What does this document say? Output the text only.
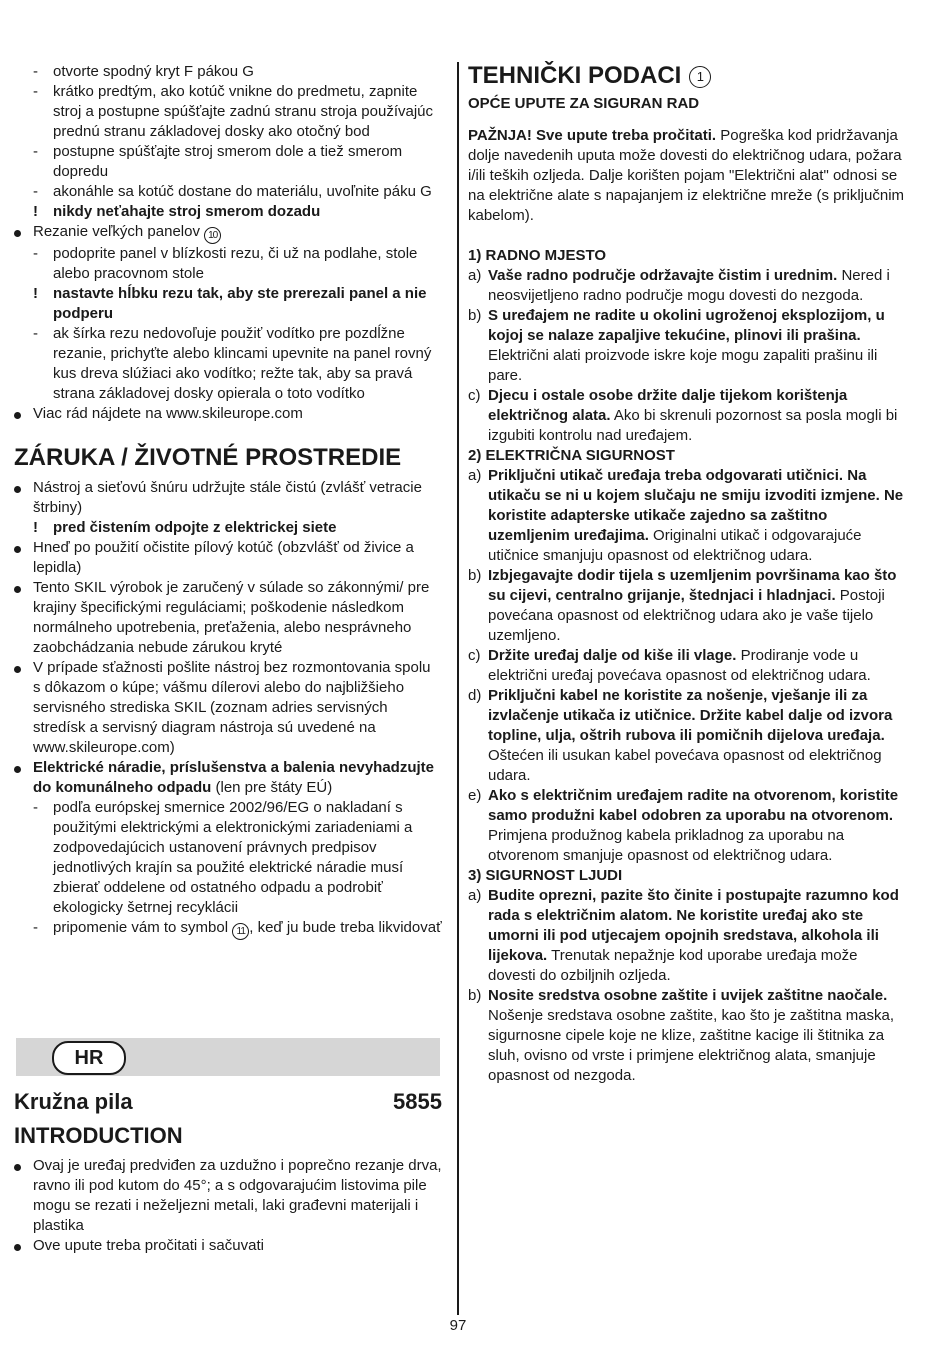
- otvorte spodný kryt F pákou G
- krátko predtým, ako kotúč vnikne do predmetu, zapnite stroj a postupne spúšťajte zadnú stranu stroja používajúc prednú stranu základovej dosky ako otočný bod
- postupne spúšťajte stroj smerom dole a tiež smerom dopredu
- akonáhle sa kotúč dostane do materiálu, uvoľnite páku G
! nikdy neťahajte stroj smerom dozadu
Rezanie veľkých panelov 10
- podoprite panel v blízkosti rezu, či už na podlahe, stole alebo pracovnom stole
! nastavte hĺbku rezu tak, aby ste prerezali panel a nie podperu
- ak šírka rezu nedovoľuje použiť vodítko pre pozdĺžne rezanie, prichyťte alebo klincami upevnite na panel rovný kus dreva slúžiaci ako vodítko; režte tak, aby sa pravá strana základovej dosky opierala o toto vodítko
Viac rád nájdete na www.skileurope.com
ZÁRUKA / ŽIVOTNÉ PROSTREDIE
Nástroj a sieťovú šnúru udržujte stále čistú (zvlášť vetracie štrbiny)
! pred čistením odpojte z elektrickej siete
Hneď po použití očistite pílový kotúč (obzvlášť od živice a lepidla)
Tento SKIL výrobok je zaručený v súlade so zákonnými/ pre krajiny špecifickými reguláciami; poškodenie následkom normálneho upotrebenia, preťaženia, alebo nesprávneho zaobchádzania nebude zárukou kryté
V prípade sťažnosti pošlite nástroj bez rozmontovania spolu s dôkazom o kúpe; vášmu dílerovi alebo do najbližšieho servisného strediska SKIL (zoznam adries servisných stredísk a servisný diagram nástroja sú uvedené na www.skileurope.com)
Elektrické náradie, príslušenstva a balenia nevyhadzujte do komunálneho odpadu (len pre štáty EÚ)
- podľa európskej smernice 2002/96/EG o nakladaní s použitými elektrickými a elektronickými zariadeniami a zodpovedajúcich ustanovení právnych predpisov jednotlivých krajín sa použité elektrické náradie musí zbierať oddelene od ostatného odpadu a podrobiť ekologicky šetrnej recyklácii
- pripomenie vám to symbol 11 , keď ju bude treba likvidovať
HR
Kružna pila	5855
INTRODUCTION
Ovaj je uređaj predviđen za uzdužno i poprečno rezanje drva, ravno ili pod kutom do 45°; a s odgovarajućim listovima pile mogu se rezati i neželjezni metali, laki građevni materijali i plastika
Ove upute treba pročitati i sačuvati
TEHNIČKI PODACI 1
OPĆE UPUTE ZA SIGURAN RAD
PAŽNJA! Sve upute treba pročitati. Pogreška kod pridržavanja dolje navedenih uputa može dovesti do električnog udara, požara i/ili teških ozljeda. Dalje korišten pojam "Električni alat" odnosi se na električne alate s napajanjem iz električne mreže (s priključnim kabelom).
1) RADNO MJESTO
a) Vaše radno područje održavajte čistim i urednim. Nered i neosvijetljeno radno područje mogu dovesti do nezgoda.
b) S uređajem ne radite u okolini ugroženoj eksplozijom, u kojoj se nalaze zapaljive tekućine, plinovi ili prašina. Električni alati proizvode iskre koje mogu zapaliti prašinu ili pare.
c) Djecu i ostale osobe držite dalje tijekom korištenja električnog alata. Ako bi skrenuli pozornost sa posla mogli bi izgubiti kontrolu nad uređajem.
2) ELEKTRIČNA SIGURNOST
a) Priključni utikač uređaja treba odgovarati utičnici. Na utikaču se ni u kojem slučaju ne smiju izvoditi izmjene. Ne koristite adapterske utikače zajedno sa zaštitno uzemljenim uređajima. Originalni utikač i odgovarajuće utičnice smanjuju opasnost od električnog udara.
b) Izbjegavajte dodir tijela s uzemljenim površinama kao što su cijevi, centralno grijanje, štednjaci i hladnjaci. Postoji povećana opasnost od električnog udara ako je vaše tijelo uzemljeno.
c) Držite uređaj dalje od kiše ili vlage. Prodiranje vode u električni uređaj povećava opasnost od električnog udara.
d) Priključni kabel ne koristite za nošenje, vješanje ili za izvlačenje utikača iz utičnice. Držite kabel dalje od izvora topline, ulja, oštrih rubova ili pomičnih dijelova uređaja. Oštećen ili usukan kabel povećava opasnost od električnog udara.
e) Ako s električnim uređajem radite na otvorenom, koristite samo produžni kabel odobren za uporabu na otvorenom. Primjena produžnog kabela prikladnog za uporabu na otvorenom smanjuje opasnost od električnog udara.
3) SIGURNOST LJUDI
a) Budite oprezni, pazite što činite i postupajte razumno kod rada s električnim alatom. Ne koristite uređaj ako ste umorni ili pod utjecajem opojnih sredstava, alkohola ili lijekova. Trenutak nepažnje kod uporabe uređaja može dovesti do ozbiljnih ozljeda.
b) Nosite sredstva osobne zaštite i uvijek zaštitne naočale. Nošenje sredstava osobne zaštite, kao što je zaštitna maska, sigurnosne cipele koje ne klize, zaštitne kacige ili štitnika za sluh, ovisno od vrste i primjene električnog alata, smanjuje opasnost od nezgoda.
97
